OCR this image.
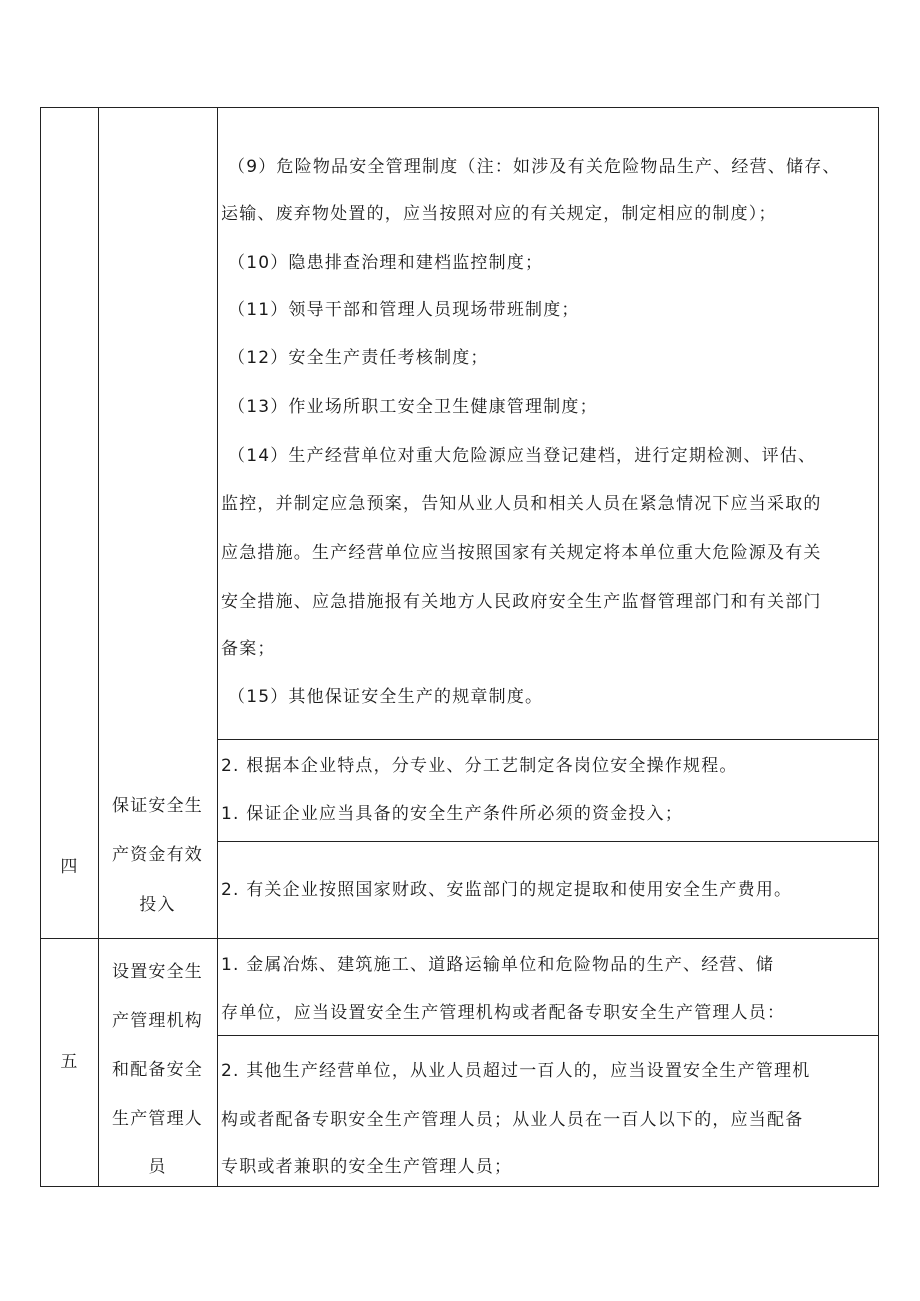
（9）危险物品安全管理制度（注：如涉及有关危险物品生产、经营、储存、
运输、废弃物处置的，应当按照对应的有关规定，制定相应的制度）；
（10）隐患排查治理和建档监控制度；
（11）领导干部和管理人员现场带班制度；
（12）安全生产责任考核制度；
（13）作业场所职工安全卫生健康管理制度；
（14）生产经营单位对重大危险源应当登记建档，进行定期检测、评估、
监控，并制定应急预案，告知从业人员和相关人员在紧急情况下应当采取的
应急措施。生产经营单位应当按照国家有关规定将本单位重大危险源及有关
安全措施、应急措施报有关地方人民政府安全生产监督管理部门和有关部门
备案；
（15）其他保证安全生产的规章制度。
2. 根据本企业特点，分专业、分工艺制定各岗位安全操作规程。
四
保证安全生
产资金有效
投入
1. 保证企业应当具备的安全生产条件所必须的资金投入；
2. 有关企业按照国家财政、安监部门的规定提取和使用安全生产费用。
五
设置安全生
产管理机构
和配备安全
生产管理人
员
1. 金属冶炼、建筑施工、道路运输单位和危险物品的生产、经营、储
存单位，应当设置安全生产管理机构或者配备专职安全生产管理人员：
2. 其他生产经营单位，从业人员超过一百人的，应当设置安全生产管理机
构或者配备专职安全生产管理人员；从业人员在一百人以下的，应当配备
专职或者兼职的安全生产管理人员；
